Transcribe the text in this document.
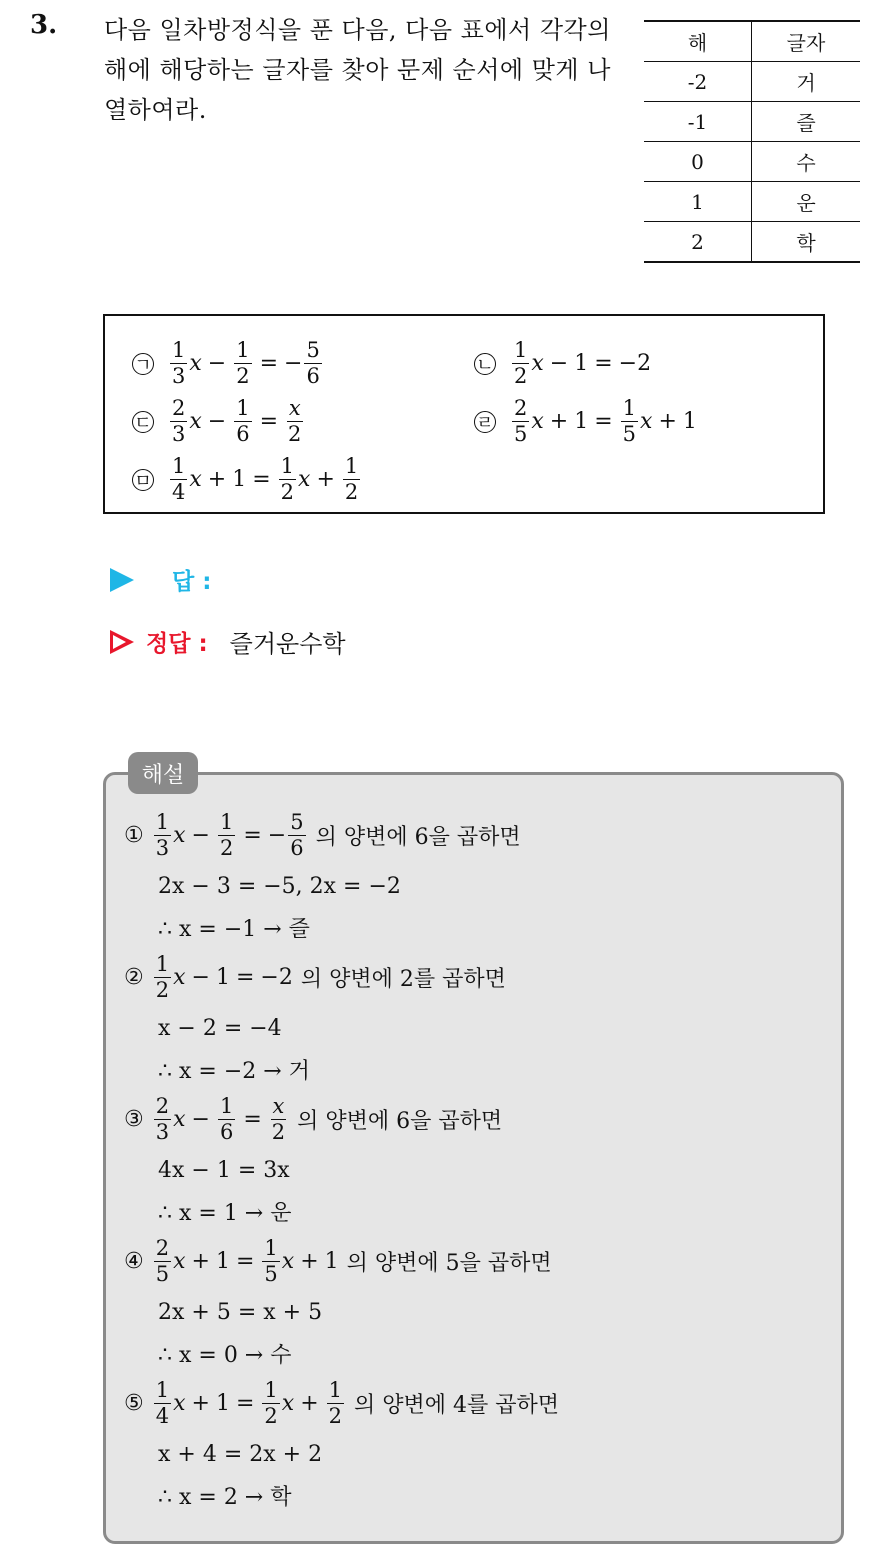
3. 다음 일차방정식을 푼 다음, 다음 표에서 각각의 해에 해당하는 글자를 찾아 문제 순서에 맞게 나열하여라.
해	글자
-2	거
-1	즐
0	수
1	운
2	학
ㄱ $\frac{1}{3}$ $x - \frac{1}{2}$ = − $\frac{5}{6}$	ㄴ $\frac{1}{2}$ x − 1 = −2
ㄷ $\frac{2}{3}$ $x - \frac{1}{6} = \frac{x}{2}$	ㄹ $\frac{2}{5}$ $x + 1 = \frac{1}{5}$ x + 1
ㅁ $\frac{1}{4}$ $x + 1 = \frac{1}{2}$ $x + \frac{1}{2}$
답 :
정답 : 즐거운수학
해설
① $\frac{1}{3}$ $x - \frac{1}{2}$ = − $\frac{5}{6}$ 의 양변에 6을 곱하면
2x − 3 = −5, 2x = −2
∴ x = −1 → 즐
② $\frac{1}{2}$ x − 1 = −2 의 양변에 2를 곱하면
x − 2 = −4
∴ x = −2 → 거
③ $\frac{2}{3}$ $x - \frac{1}{6} = \frac{x}{2}$ 의 양변에 6을 곱하면
4x − 1 = 3x
∴ x = 1 → 운
④ $\frac{2}{5}$ $x + 1 = \frac{1}{5}$ x + 1 의 양변에 5을 곱하면
2x + 5 = x + 5
∴ x = 0 → 수
⑤ $\frac{1}{4}$ $x + 1 = \frac{1}{2}$ $x + \frac{1}{2}$ 의 양변에 4를 곱하면
x + 4 = 2x + 2
∴ x = 2 → 학
